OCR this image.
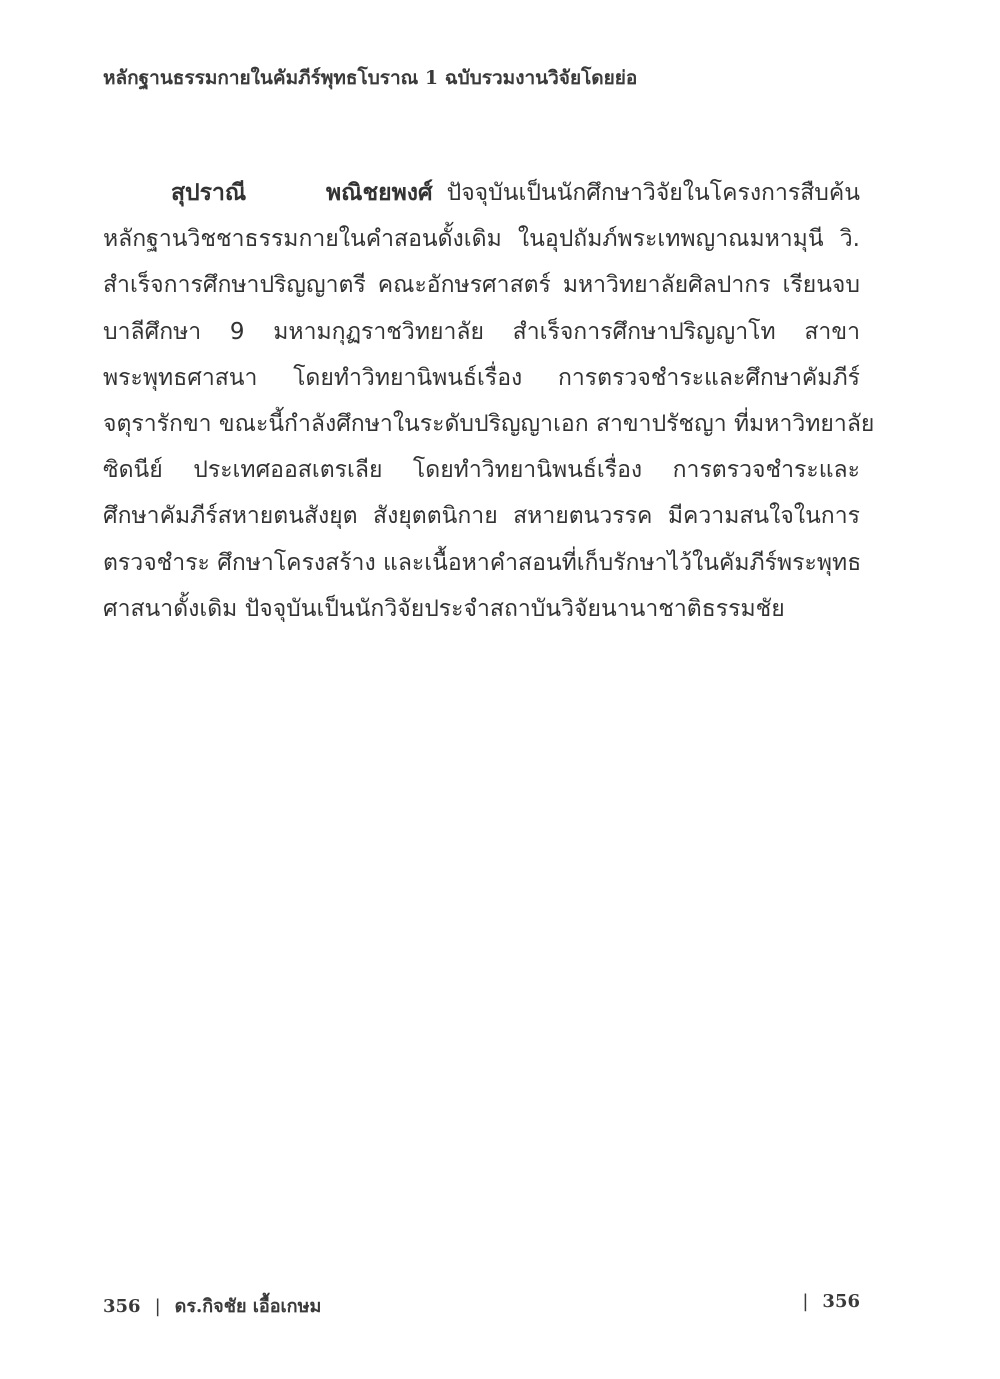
หลักฐานธรรมกายในคัมภีร์พุทธโบราณ 1 ฉบับรวมงานวิจัยโดยย่อ
สุปราณี พณิชยพงศ์ ปัจจุบันเป็นนักศึกษาวิจัยในโครงการสืบค้น
หลักฐานวิชชาธรรมกายในคำสอนดั้งเดิม ในอุปถัมภ์พระเทพญาณมหามุนี วิ.
สำเร็จการศึกษาปริญญาตรี คณะอักษรศาสตร์ มหาวิทยาลัยศิลปากร เรียนจบ
บาลีศึกษา 9 มหามกุฏราชวิทยาลัย สำเร็จการศึกษาปริญญาโท สาขา
พระพุทธศาสนา โดยทำวิทยานิพนธ์เรื่อง การตรวจชำระและศึกษาคัมภีร์
จตุรารักขา ขณะนี้กำลังศึกษาในระดับปริญญาเอก สาขาปรัชญา ที่มหาวิทยาลัย
ซิดนีย์ ประเทศออสเตรเลีย โดยทำวิทยานิพนธ์เรื่อง การตรวจชำระและ
ศึกษาคัมภีร์สหายตนสังยุต สังยุตตนิกาย สหายตนวรรค มีความสนใจในการ
ตรวจชำระ ศึกษาโครงสร้าง และเนื้อหาคำสอนที่เก็บรักษาไว้ในคัมภีร์พระพุทธ
ศาสนาดั้งเดิม ปัจจุบันเป็นนักวิจัยประจำสถาบันวิจัยนานาชาติธรรมชัย
356 | ดร.กิจชัย เอื้อเกษม	| 356
